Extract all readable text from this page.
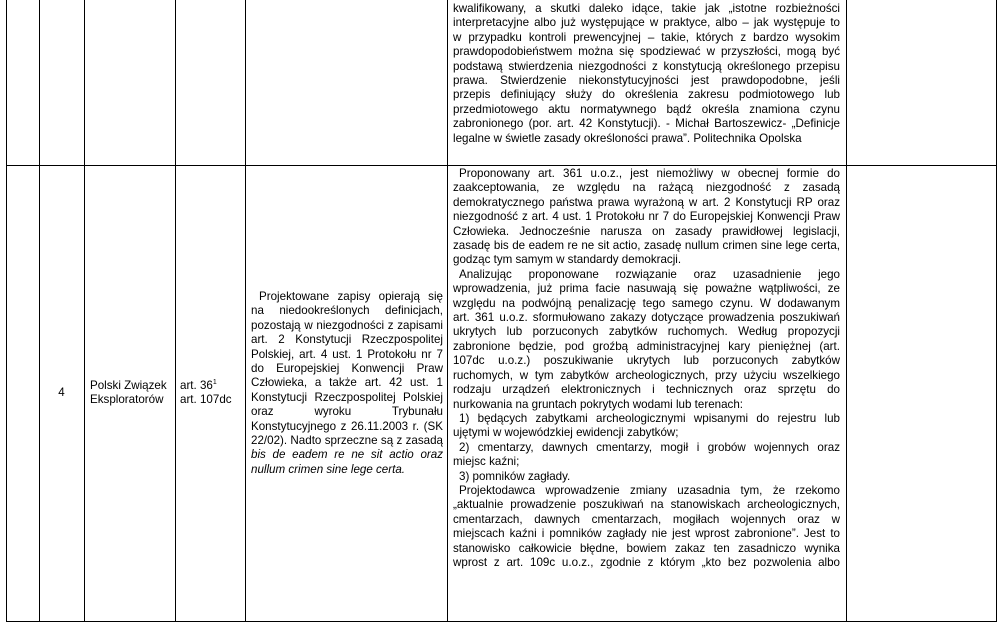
kwalifikowany, a skutki daleko idące, takie jak „istotne rozbieżności

interpretacyjne albo już występujące w praktyce, albo – jak występuje to

w przypadku kontroli prewencyjnej – takie, których z bardzo wysokim

prawdopodobieństwem można się spodziewać w przyszłości, mogą być

podstawą stwierdzenia niezgodności z konstytucją określonego przepisu

prawa. Stwierdzenie niekonstytucyjności jest prawdopodobne, jeśli

przepis definiujący służy do określenia zakresu podmiotowego lub

przedmiotowego aktu normatywnego bądź określa znamiona czynu

zabronionego (por. art. 42 Konstytucji). - Michał Bartoszewicz- „Definicje

legalne w świetle zasady określoności prawa”. Politechnika Opolska

4
Polski Związek Eksploratorów
art. $36^1$
art. 107dc

Projektowane zapisy opierają się

na niedookreślonych definicjach,

pozostają w niezgodności z zapisami

art. 2 Konstytucji Rzeczpospolitej

Polskiej, art. 4 ust. 1 Protokołu nr 7

do Europejskiej Konwencji Praw

Człowieka, a także art. 42 ust. 1

Konstytucji Rzeczpospolitej Polskiej

oraz wyroku Trybunału

Konstytucyjnego z 26.11.2003 r. (SK

22/02). Nadto sprzeczne są z zasadą

bis de eadem re ne sit actio oraz

nullum crimen sine lege certa.

Proponowany art. 361 u.o.z., jest niemożliwy w obecnej formie do

zaakceptowania, ze względu na rażącą niezgodność z zasadą

demokratycznego państwa prawa wyrażoną w art. 2 Konstytucji RP oraz

niezgodność z art. 4 ust. 1 Protokołu nr 7 do Europejskiej Konwencji Praw

Człowieka. Jednocześnie narusza on zasady prawidłowej legislacji,

zasadę bis de eadem re ne sit actio, zasadę nullum crimen sine lege certa,

godząc tym samym w standardy demokracji.

Analizując proponowane rozwiązanie oraz uzasadnienie jego

wprowadzenia, już prima facie nasuwają się poważne wątpliwości, ze

względu na podwójną penalizację tego samego czynu. W dodawanym

art. 361 u.o.z. sformułowano zakazy dotyczące prowadzenia poszukiwań

ukrytych lub porzuconych zabytków ruchomych. Według propozycji

zabronione będzie, pod groźbą administracyjnej kary pieniężnej (art.

107dc u.o.z.) poszukiwanie ukrytych lub porzuconych zabytków

ruchomych, w tym zabytków archeologicznych, przy użyciu wszelkiego

rodzaju urządzeń elektronicznych i technicznych oraz sprzętu do

nurkowania na gruntach pokrytych wodami lub terenach:

1) będących zabytkami archeologicznymi wpisanymi do rejestru lub

ujętymi w wojewódzkiej ewidencji zabytków;

2) cmentarzy, dawnych cmentarzy, mogił i grobów wojennych oraz

miejsc kaźni;

3) pomników zagłady.

Projektodawca wprowadzenie zmiany uzasadnia tym, że rzekomo

„aktualnie prowadzenie poszukiwań na stanowiskach archeologicznych,

cmentarzach, dawnych cmentarzach, mogiłach wojennych oraz w

miejscach kaźni i pomników zagłady nie jest wprost zabronione”. Jest to

stanowisko całkowicie błędne, bowiem zakaz ten zasadniczo wynika

wprost z art. 109c u.o.z., zgodnie z którym „kto bez pozwolenia albo
